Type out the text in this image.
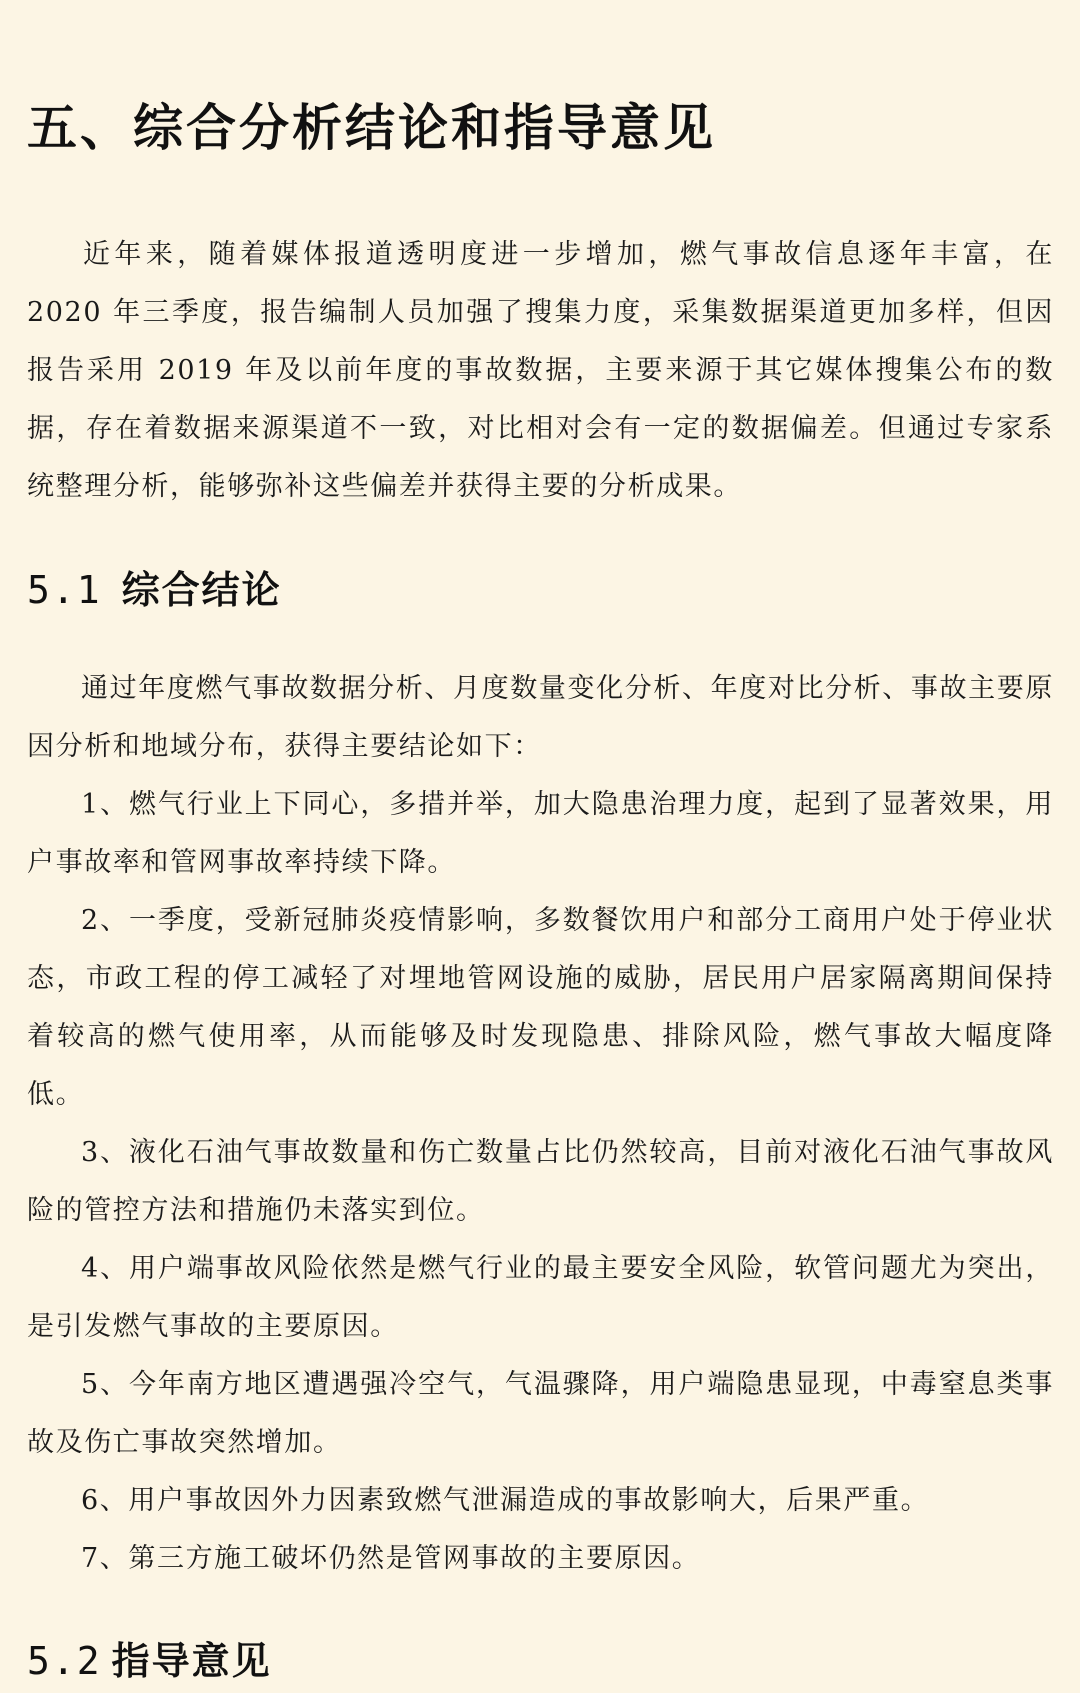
五、综合分析结论和指导意见

近年来，随着媒体报道透明度进一步增加，燃气事故信息逐年丰富，在 2020 年三季度，报告编制人员加强了搜集力度，采集数据渠道更加多样，但因报告采用 2019 年及以前年度的事故数据，主要来源于其它媒体搜集公布的数据，存在着数据来源渠道不一致，对比相对会有一定的数据偏差。但通过专家系统整理分析，能够弥补这些偏差并获得主要的分析成果。

5.1 综合结论

通过年度燃气事故数据分析、月度数量变化分析、年度对比分析、事故主要原因分析和地域分布，获得主要结论如下：

1、燃气行业上下同心，多措并举，加大隐患治理力度，起到了显著效果，用户事故率和管网事故率持续下降。

2、一季度，受新冠肺炎疫情影响，多数餐饮用户和部分工商用户处于停业状态，市政工程的停工减轻了对埋地管网设施的威胁，居民用户居家隔离期间保持着较高的燃气使用率，从而能够及时发现隐患、排除风险，燃气事故大幅度降低。

3、液化石油气事故数量和伤亡数量占比仍然较高，目前对液化石油气事故风险的管控方法和措施仍未落实到位。

4、用户端事故风险依然是燃气行业的最主要安全风险，软管问题尤为突出，是引发燃气事故的主要原因。

5、今年南方地区遭遇强冷空气，气温骤降，用户端隐患显现，中毒窒息类事故及伤亡事故突然增加。

6、用户事故因外力因素致燃气泄漏造成的事故影响大，后果严重。

7、第三方施工破坏仍然是管网事故的主要原因。

5.2 指导意见
